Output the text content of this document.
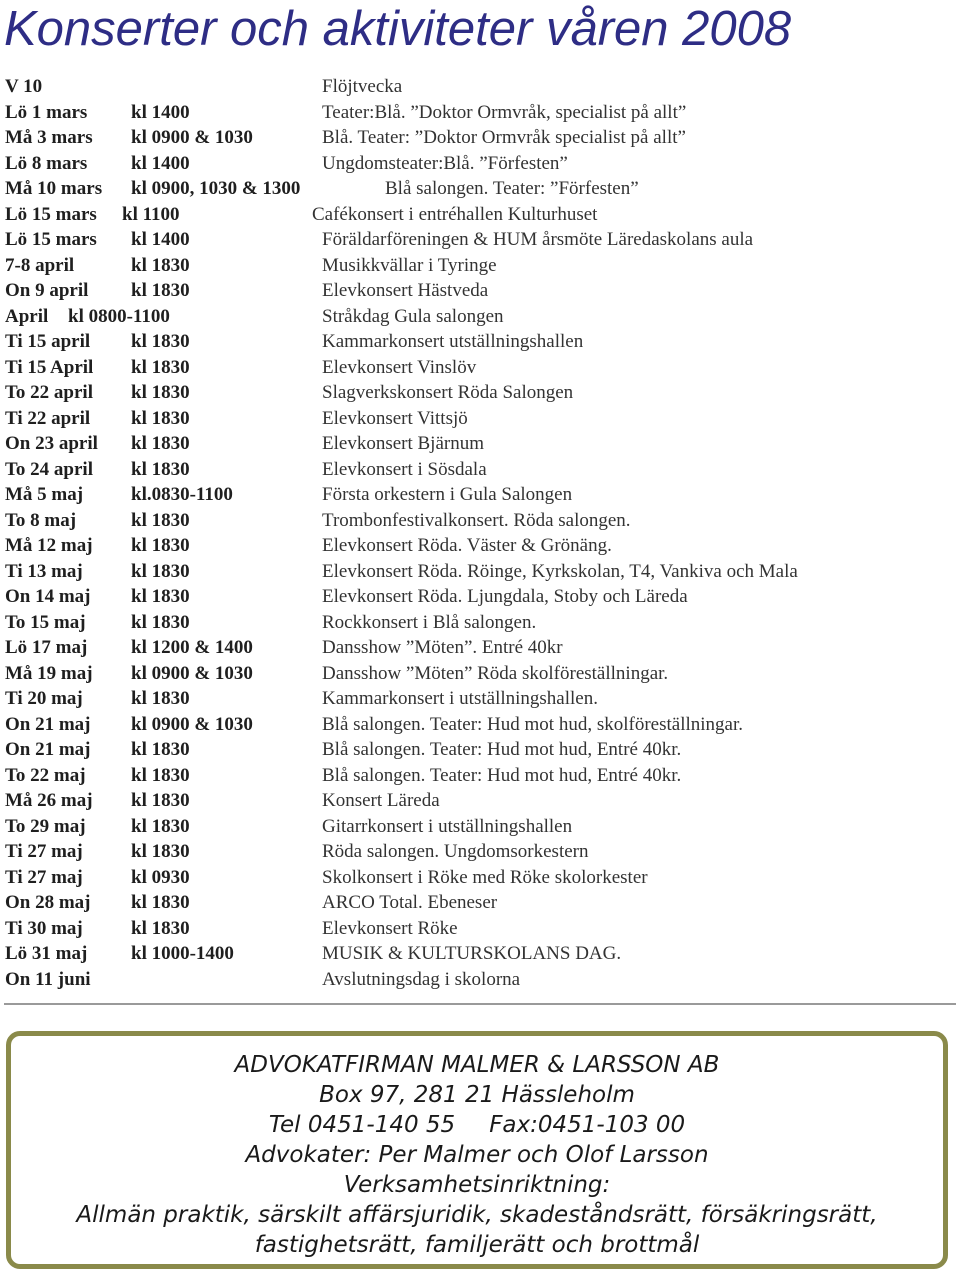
Konserter och aktiviteter våren 2008
V 10	Flöjtvecka
Lö 1 mars kl 1400	Teater:Blå. ”Doktor Ormvråk, specialist på allt”
Må 3 mars kl 0900 & 1030	Blå. Teater: ”Doktor Ormvråk specialist på allt”
Lö 8 mars kl 1400	Ungdomsteater:Blå. ”Förfesten”
Må 10 mars kl 0900, 1030 & 1300	Blå salongen. Teater: ”Förfesten”
Lö 15 mars kl 1100	Cafékonsert i entréhallen Kulturhuset
Lö 15 mars kl 1400	Föräldarföreningen & HUM årsmöte Läredaskolans aula
7-8 april	kl 1830	Musikkvällar i Tyringe
On 9 april kl 1830	Elevkonsert Hästveda
April kl 0800-1100	Stråkdag Gula salongen
Ti 15 april kl 1830	Kammarkonsert utställningshallen
Ti 15 April kl 1830	Elevkonsert Vinslöv
To 22 april kl 1830	Slagverkskonsert Röda Salongen
Ti 22 april kl 1830	Elevkonsert Vittsjö
On 23 april kl 1830	Elevkonsert Bjärnum
To 24 april kl 1830	Elevkonsert i Sösdala
Må 5 maj	kl.0830-1100	Första orkestern i Gula Salongen
To 8 maj	kl 1830	Trombonfestivalkonsert. Röda salongen.
Må 12 maj kl 1830	Elevkonsert Röda. Väster & Grönäng.
Ti 13 maj	kl 1830	Elevkonsert Röda. Röinge, Kyrkskolan, T4, Vankiva och Mala
On 14 maj kl 1830	Elevkonsert Röda. Ljungdala, Stoby och Läreda
To 15 maj kl 1830	Rockkonsert i Blå salongen.
Lö 17 maj kl 1200 & 1400	Dansshow ”Möten”. Entré 40kr
Må 19 maj kl 0900 & 1030	Dansshow ”Möten” Röda skolföreställningar.
Ti 20 maj	kl 1830	Kammarkonsert i utställningshallen.
On 21 maj kl 0900 & 1030	Blå salongen. Teater: Hud mot hud, skolföreställningar.
On 21 maj kl 1830	Blå salongen. Teater: Hud mot hud, Entré 40kr.
To 22 maj kl 1830	Blå salongen. Teater: Hud mot hud, Entré 40kr.
Må 26 maj kl 1830	Konsert Läreda
To 29 maj kl 1830	Gitarrkonsert i utställningshallen
Ti 27 maj	kl 1830	Röda salongen. Ungdomsorkestern
Ti 27 maj	kl 0930	Skolkonsert i Röke med Röke skolorkester
On 28 maj kl 1830	ARCO Total. Ebeneser
Ti 30 maj	kl 1830	Elevkonsert Röke
Lö 31 maj kl 1000-1400	MUSIK & KULTURSKOLANS DAG.
On 11 juni	Avslutningsdag i skolorna
ADVOKATFIRMAN MALMER & LARSSON AB
Box 97, 281 21 Hässleholm
Tel 0451-140 55 Fax:0451-103 00
Advokater: Per Malmer och Olof Larsson
Verksamhetsinriktning:
Allmän praktik, särskilt affärsjuridik, skadeståndsrätt, försäkringsrätt,
fastighetsrätt, familjerätt och brottmål
